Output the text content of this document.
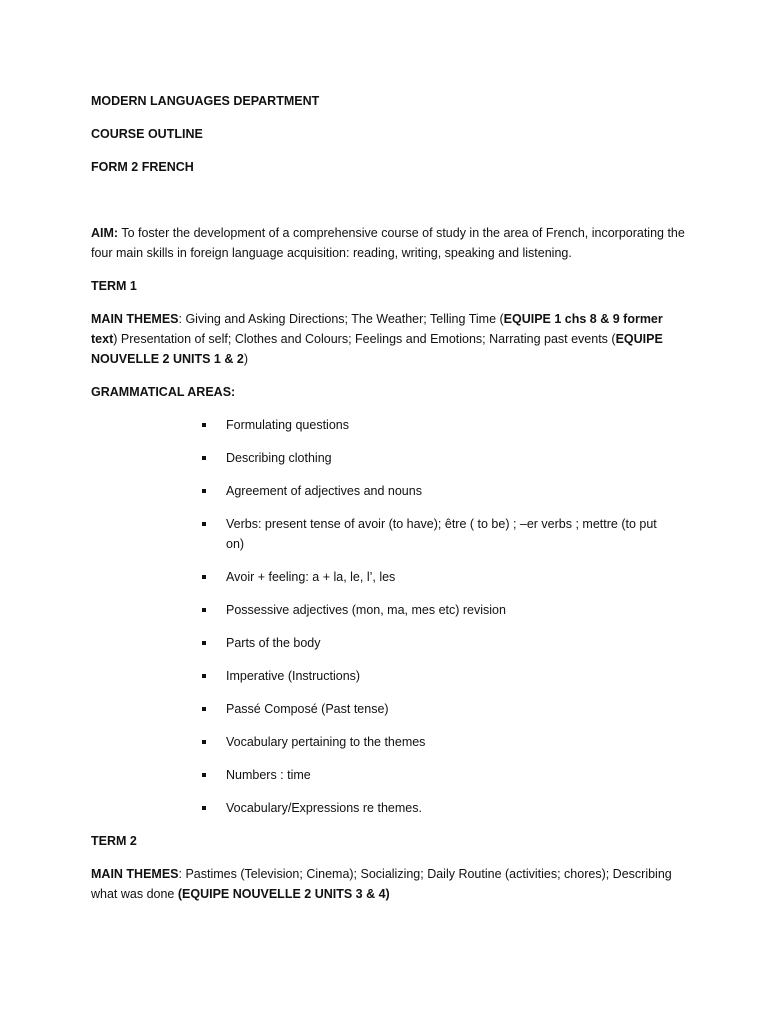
MODERN LANGUAGES DEPARTMENT

COURSE OUTLINE

FORM 2 FRENCH

AIM: To foster the development of a comprehensive course of study in the area of French, incorporating the four main skills in foreign language acquisition: reading, writing, speaking and listening.

TERM 1

MAIN THEMES: Giving and Asking Directions; The Weather; Telling Time (EQUIPE 1 chs 8 & 9 former text) Presentation of self; Clothes and Colours; Feelings and Emotions; Narrating past events (EQUIPE NOUVELLE 2 UNITS 1 & 2)

GRAMMATICAL AREAS:

Formulating questions
Describing clothing
Agreement of adjectives and nouns
Verbs: present tense of avoir (to have); être ( to be) ; –er verbs ; mettre (to put on)
Avoir + feeling: a + la, le, l’, les
Possessive adjectives (mon, ma, mes etc) revision
Parts of the body
Imperative (Instructions)
Passé Composé (Past tense)
Vocabulary pertaining to the themes
Numbers : time
Vocabulary/Expressions re themes.

TERM 2

MAIN THEMES: Pastimes (Television; Cinema); Socializing; Daily Routine (activities; chores); Describing what was done (EQUIPE NOUVELLE 2 UNITS 3 & 4)
